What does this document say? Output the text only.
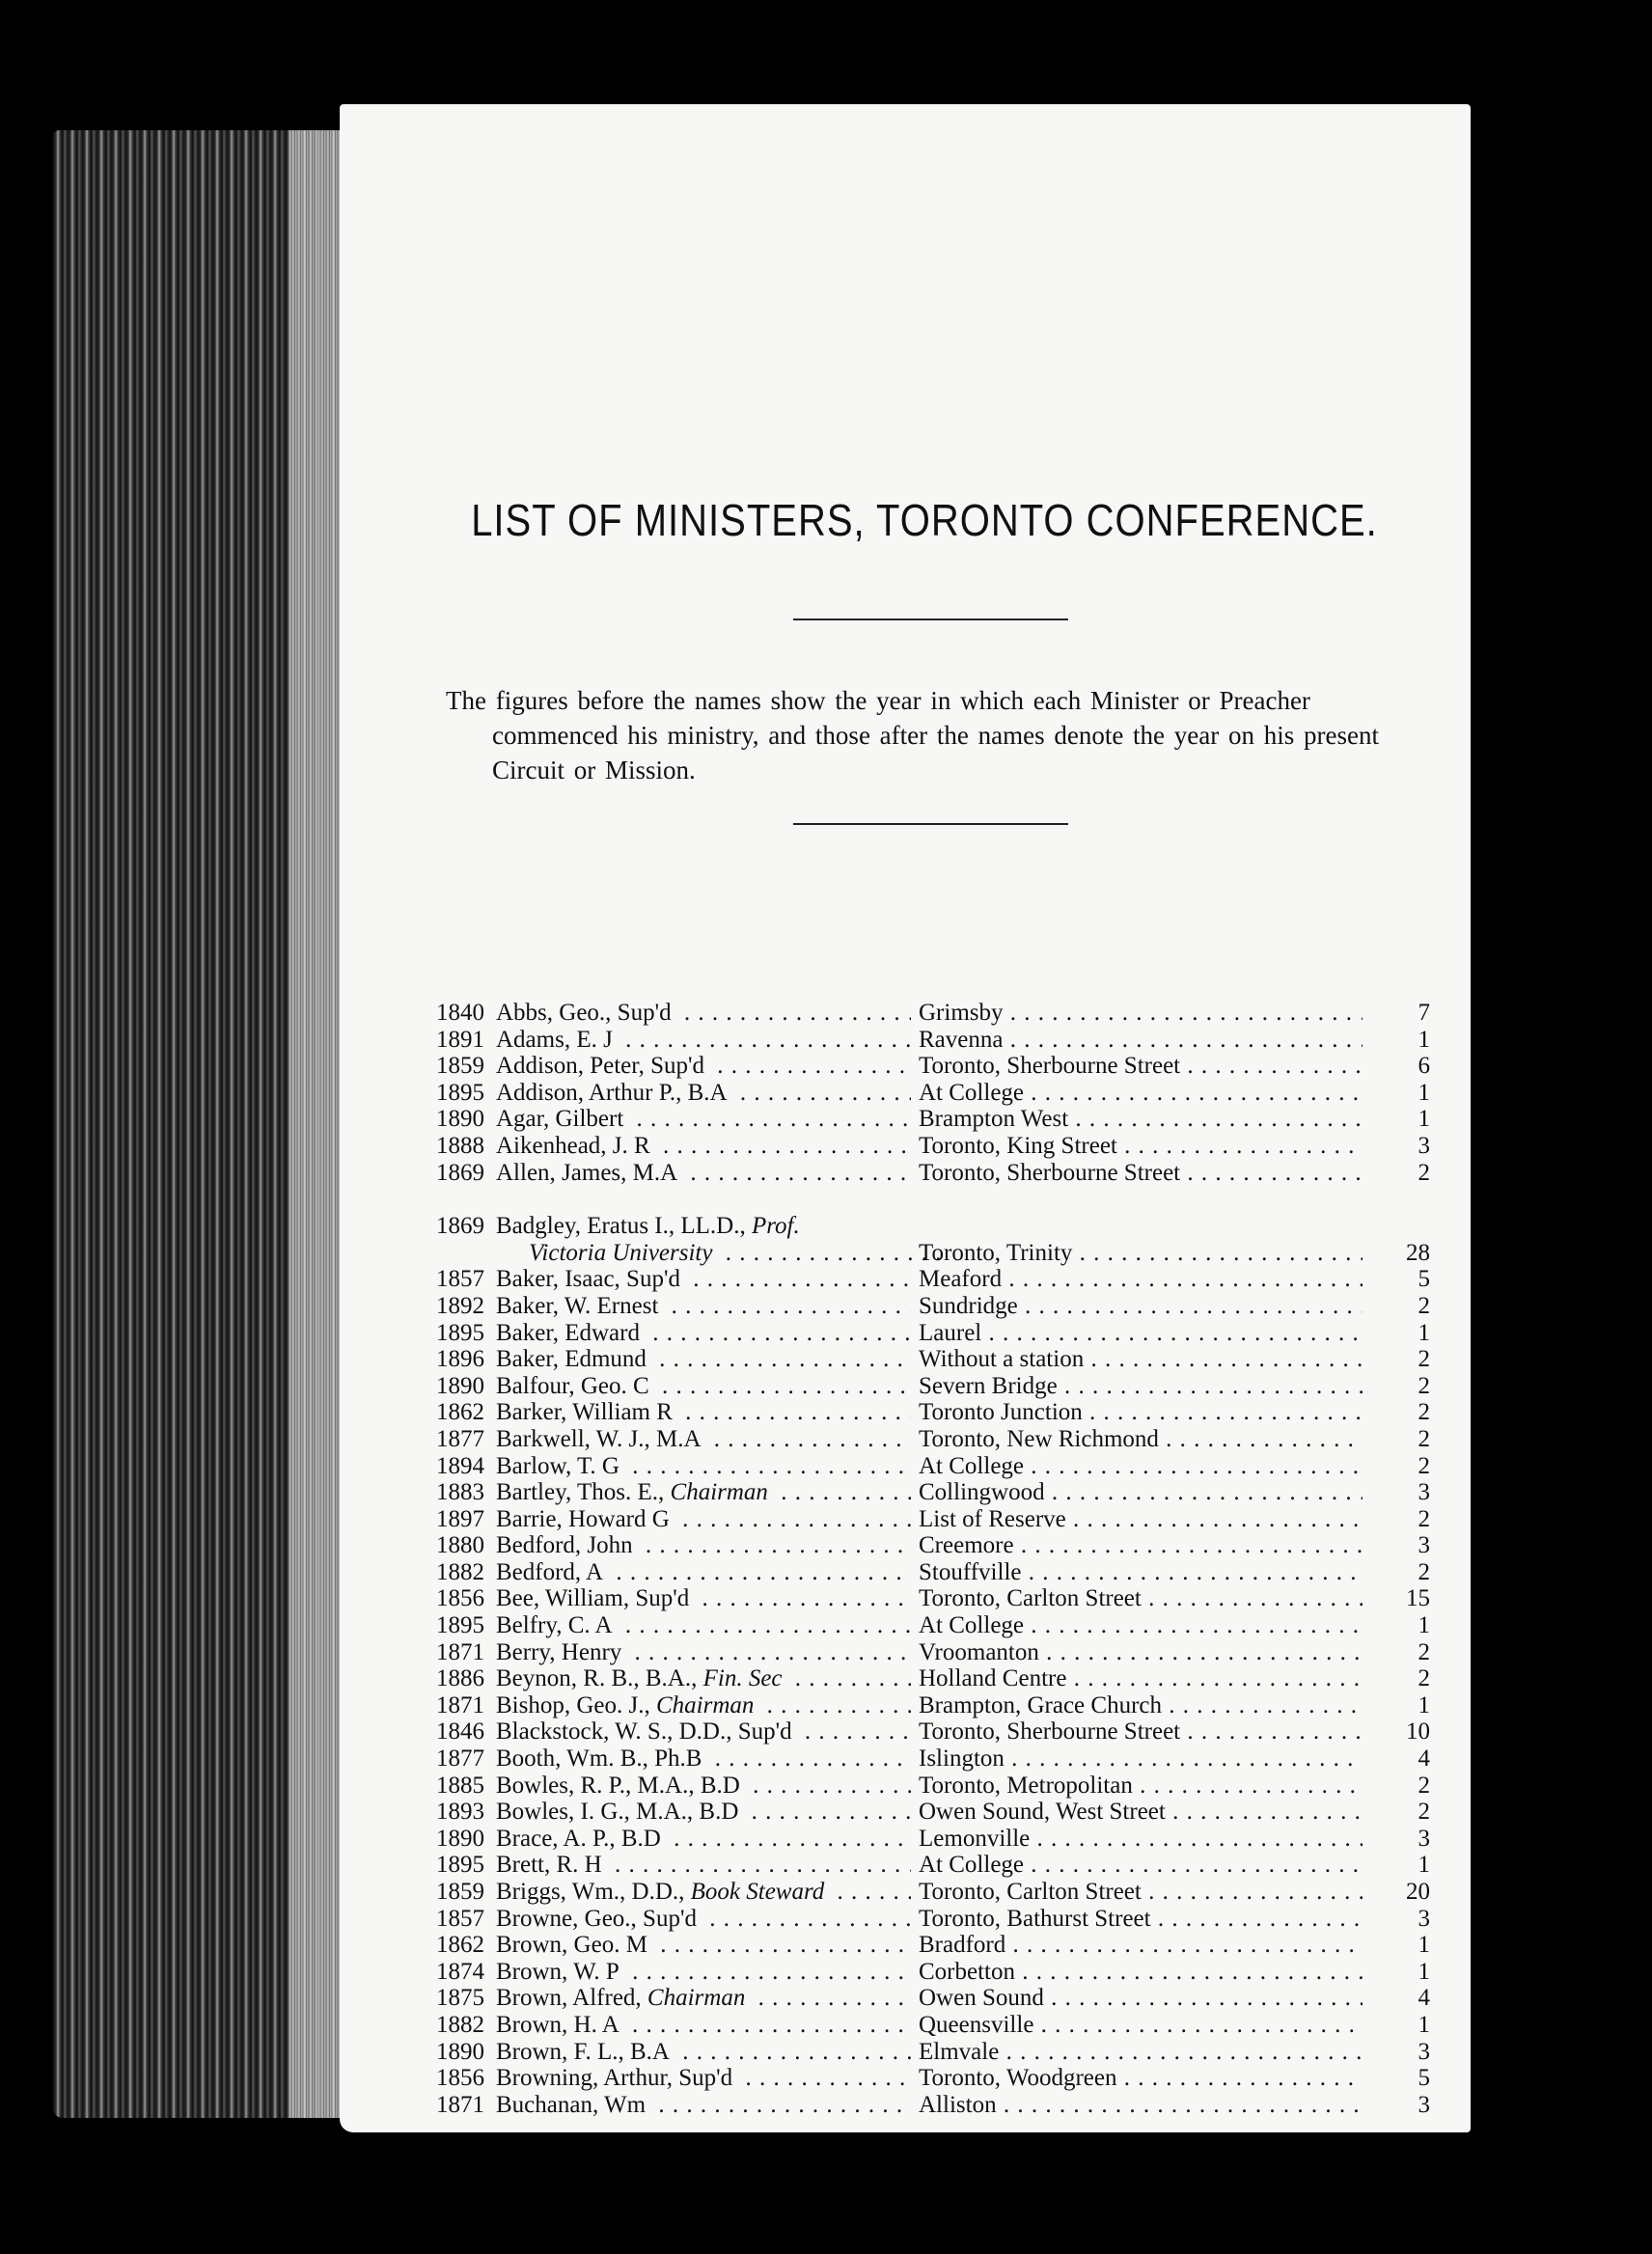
LIST OF MINISTERS, TORONTO CONFERENCE.

The figures before the names show the year in which each Minister or Preacher commenced his ministry, and those after the names denote the year on his present Circuit or Mission.

1840 Abbs, Geo., Sup'd . . .	Grimsby . . .	7
1891 Adams, E. J . . .	Ravenna . . .	1
1859 Addison, Peter, Sup'd . . .	Toronto, Sherbourne Street . . .	6
1895 Addison, Arthur P., B.A . . .	At College . . .	1
1890 Agar, Gilbert . . .	Brampton West . . .	1
1888 Aikenhead, J. R . . .	Toronto, King Street . . .	3
1869 Allen, James, M.A . . .	Toronto, Sherbourne Street . . .	2
1869 Badgley, Eratus I., LL.D., Prof.
Victoria University . . .	Toronto, Trinity . . .	28
1857 Baker, Isaac, Sup'd . . .	Meaford . . .	5
1892 Baker, W. Ernest . . .	Sundridge . . .	2
1895 Baker, Edward . . .	Laurel . . .	1
1896 Baker, Edmund . . .	Without a station . . .	2
1890 Balfour, Geo. C . . .	Severn Bridge . . .	2
1862 Barker, William R . . .	Toronto Junction . . .	2
1877 Barkwell, W. J., M.A . . .	Toronto, New Richmond . . .	2
1894 Barlow, T. G . . .	At College . . .	2
1883 Bartley, Thos. E., Chairman . . .	Collingwood . . .	3
1897 Barrie, Howard G . . .	List of Reserve . . .	2
1880 Bedford, John . . .	Creemore . . .	3
1882 Bedford, A . . .	Stouffville . . .	2
1856 Bee, William, Sup'd . . .	Toronto, Carlton Street . . .	15
1895 Belfry, C. A . . .	At College . . .	1
1871 Berry, Henry . . .	Vroomanton . . .	2
1886 Beynon, R. B., B.A., Fin. Sec . . .	Holland Centre . . .	2
1871 Bishop, Geo. J., Chairman . . .	Brampton, Grace Church . . .	1
1846 Blackstock, W. S., D.D., Sup'd . . .	Toronto, Sherbourne Street . . .	10
1877 Booth, Wm. B., Ph.B . . .	Islington . . .	4
1885 Bowles, R. P., M.A., B.D . . .	Toronto, Metropolitan . . .	2
1893 Bowles, I. G., M.A., B.D . . .	Owen Sound, West Street . . .	2
1890 Brace, A. P., B.D . . .	Lemonville . . .	3
1895 Brett, R. H . . .	At College . . .	1
1859 Briggs, Wm., D.D., Book Steward . . .	Toronto, Carlton Street . . .	20
1857 Browne, Geo., Sup'd . . .	Toronto, Bathurst Street . . .	3
1862 Brown, Geo. M . . .	Bradford . . .	1
1874 Brown, W. P . . .	Corbetton . . .	1
1875 Brown, Alfred, Chairman . . .	Owen Sound . . .	4
1882 Brown, H. A . . .	Queensville . . .	1
1890 Brown, F. L., B.A . . .	Elmvale . . .	3
1856 Browning, Arthur, Sup'd . . .	Toronto, Woodgreen . . .	5
1871 Buchanan, Wm . . .	Alliston . . .	3
